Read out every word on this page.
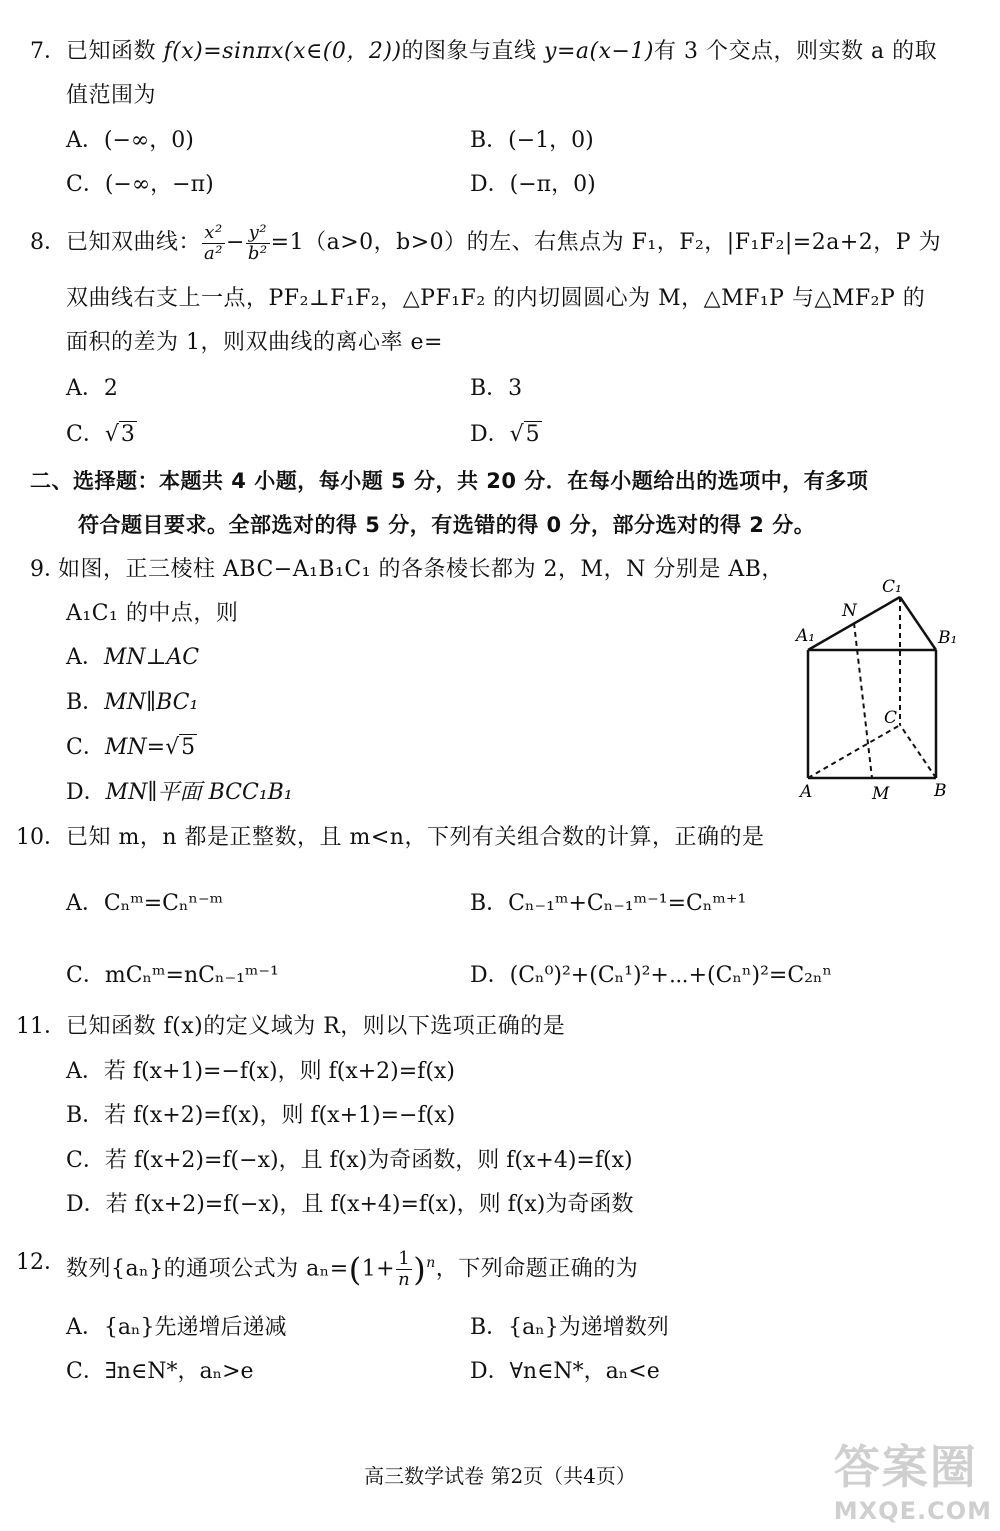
7． 已知函数 f(x)=sinπx(x∈(0，2))的图象与直线 y=a(x−1)有 3 个交点，则实数 a 的取
值范围为
A．(−∞，0)	B．(−1，0)
C．(−∞，−π)	D．(−π，0)
8． 已知双曲线： $\frac{\text{x²}}{\text{a²}} - \frac{\text{y²}}{\text{b²}} =1(a>0$，b>0）的左、右焦点为 F₁，F₂，|F₁F₂|=2a+2，P 为
双曲线右支上一点，PF₂⊥F₁F₂，△PF₁F₂ 的内切圆圆心为 M，△MF₁P 与△MF₂P 的
面积的差为 1，则双曲线的离心率 e=
A．2	B．3
C．√3	D．√5
二、选择题：本题共 4 小题，每小题 5 分，共 20 分．在每小题给出的选项中，有多项
符合题目要求。全部选对的得 5 分，有选错的得 0 分，部分选对的得 2 分。
9．
如图，正三棱柱 ABC−A₁B₁C₁ 的各条棱长都为 2，M，N 分别是 AB，
A₁C₁ 的中点，则
A．MN⊥AC
B．MN∥BC₁
C．MN=√5
D．MN∥平面 BCC₁B₁
C₁
N
A₁	B₁
C
A	M	B
10． 已知 m，n 都是正整数，且 m<n，下列有关组合数的计算，正确的是
A．Cₙᵐ=Cₙⁿ⁻ᵐ	B．Cₙ₋₁ᵐ+Cₙ₋₁ᵐ⁻¹=Cₙᵐ⁺¹
C．mCₙᵐ=nCₙ₋₁ᵐ⁻¹	D．(Cₙ⁰)²+(Cₙ¹)²+⋯+(Cₙⁿ)²=C₂ₙⁿ
11． 已知函数 f(x)的定义域为 R，则以下选项正确的是
A．若 f(x+1)=−f(x)，则 f(x+2)=f(x)
B．若 f(x+2)=f(x)，则 f(x+1)=−f(x)
C．若 f(x+2)=f(−x)，且 f(x)为奇函数，则 f(x+4)=f(x)
D．若 f(x+2)=f(−x)，且 f(x+4)=f(x)，则 f(x)为奇函数
12． 数列{aₙ}的通项公式为 $a_n=(1+ \frac{1}{n} )^n$，下列命题正确的为
A．{aₙ}先递增后递减	B．{aₙ}为递增数列
C．∃n∈N*，aₙ>e	D．∀n∈N*，aₙ<e
高三数学试卷 第2页（共4页）	答案圈
MXQE.COM
